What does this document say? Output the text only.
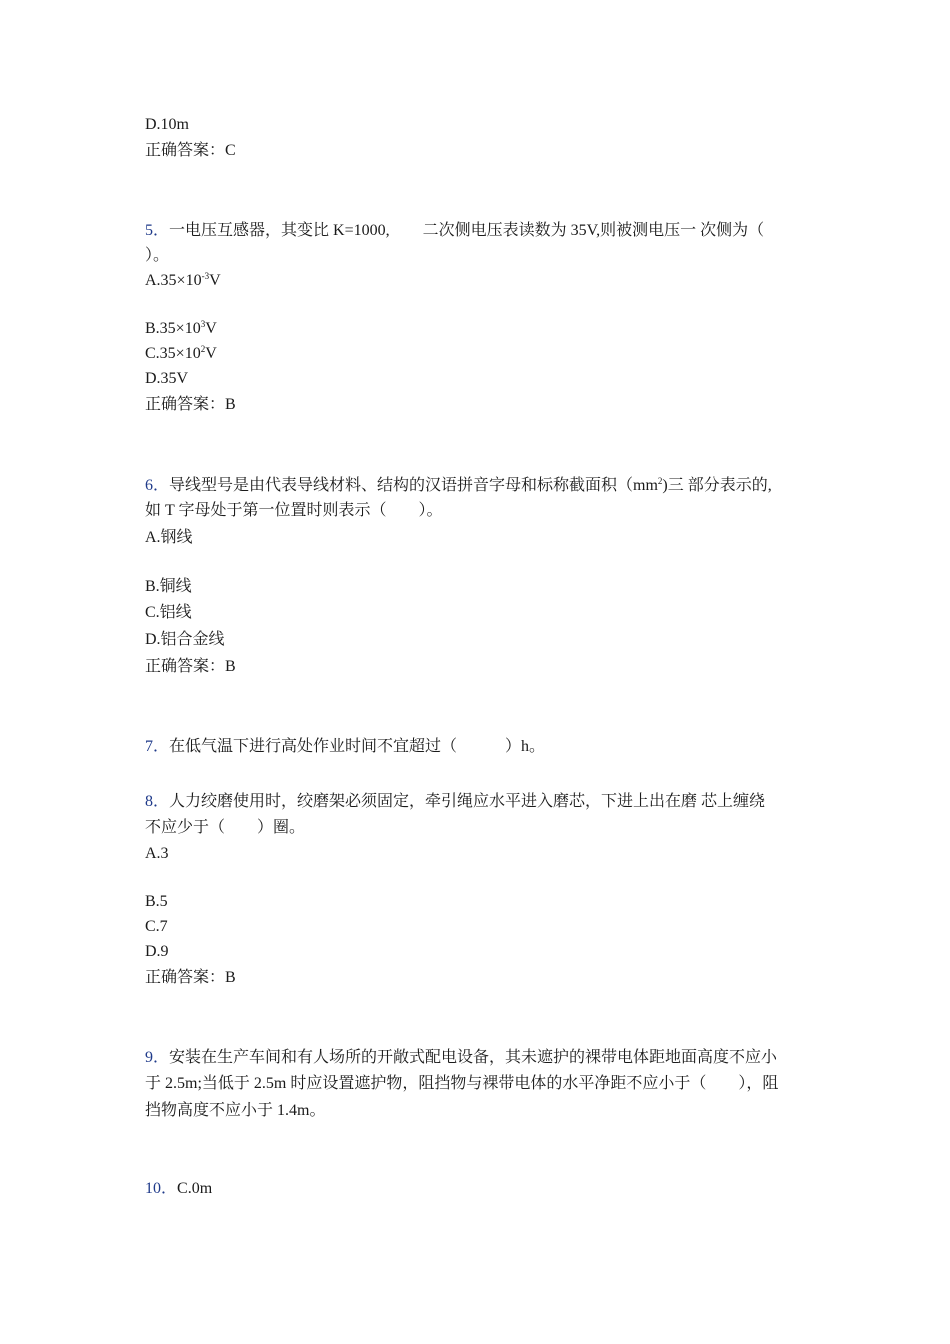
D.10m
正确答案：C
5．一电压互感器，其变比 K=1000, 二次侧电压表读数为 35V,则被测电压一 次侧为（
）。
$A.35\times 10^{-3}V$
$B.35\times 10^3V$
$C.35\times 10^2V$
D.35V
正确答案：B
6．导线型号是由代表导线材料、结构的汉语拼音字母和标称截面积$(mm^2)$三 部分表示的,
如 T 字母处于第一位置时则表示（　　）。
A.钢线
B.铜线
C.铝线
D.铝合金线
正确答案：B
7．在低气温下进行高处作业时间不宜超过（　　　）h。
8．人力绞磨使用时，绞磨架必须固定，牵引绳应水平进入磨芯，下进上出在磨 芯上缠绕
不应少于（　　）圈。
A.3
B.5
C.7
D.9
正确答案：B
9．安装在生产车间和有人场所的开敞式配电设备，其未遮护的裸带电体距地面高度不应小
于 2.5m;当低于 2.5m 时应设置遮护物，阻挡物与裸带电体的水平净距不应小于（　　），阻
挡物高度不应小于 1.4m。
10．C.0m
